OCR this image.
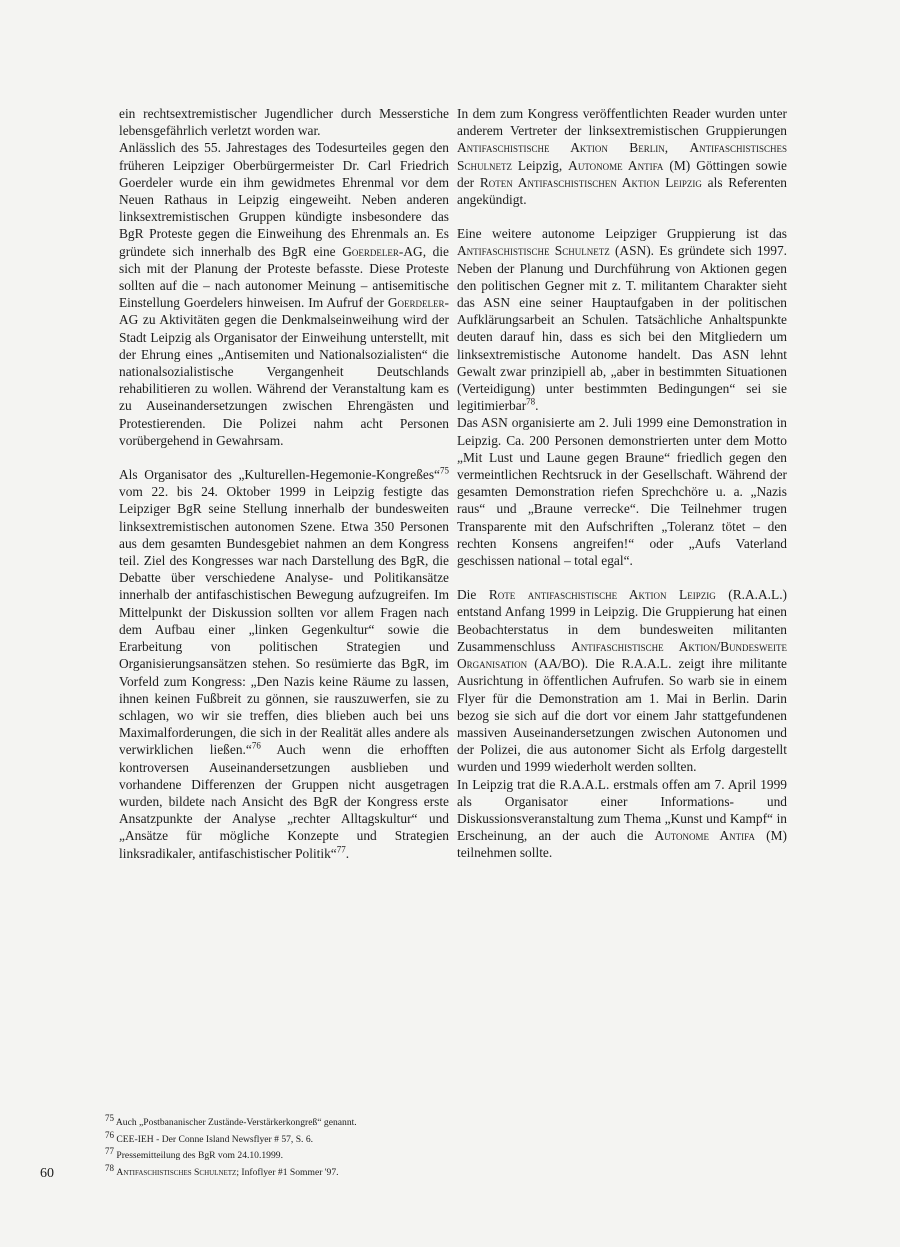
ein rechtsextremistischer Jugendlicher durch Messerstiche lebensgefährlich verletzt worden war.

Anlässlich des 55. Jahrestages des Todesurteiles gegen den früheren Leipziger Oberbürgermeister Dr. Carl Friedrich Goerdeler wurde ein ihm gewidmetes Ehrenmal vor dem Neuen Rathaus in Leipzig eingeweiht. Neben anderen linksextremistischen Gruppen kündigte insbesondere das BgR Proteste gegen die Einweihung des Ehrenmals an. Es gründete sich innerhalb des BgR eine Goerdeler-AG, die sich mit der Planung der Proteste befasste. Diese Proteste sollten auf die – nach autonomer Meinung – antisemitische Einstellung Goerdelers hinweisen. Im Aufruf der Goerdeler-AG zu Aktivitäten gegen die Denkmalseinweihung wird der Stadt Leipzig als Organisator der Einweihung unterstellt, mit der Ehrung eines „Antisemiten und Nationalsozialisten“ die nationalsozialistische Vergangenheit Deutschlands rehabilitieren zu wollen. Während der Veranstaltung kam es zu Auseinandersetzungen zwischen Ehrengästen und Protestierenden. Die Polizei nahm acht Personen vorübergehend in Gewahrsam.

Als Organisator des „Kulturellen-Hegemonie-Kongreßes“$^{75}$ vom 22. bis 24. Oktober 1999 in Leipzig festigte das Leipziger BgR seine Stellung innerhalb der bundesweiten linksextremistischen autonomen Szene. Etwa 350 Personen aus dem gesamten Bundesgebiet nahmen an dem Kongress teil. Ziel des Kongresses war nach Darstellung des BgR, die Debatte über verschiedene Analyse- und Politikansätze innerhalb der antifaschistischen Bewegung aufzugreifen. Im Mittelpunkt der Diskussion sollten vor allem Fragen nach dem Aufbau einer „linken Gegenkultur“ sowie die Erarbeitung von politischen Strategien und Organisierungsansätzen stehen. So resümierte das BgR, im Vorfeld zum Kongress: „Den Nazis keine Räume zu lassen, ihnen keinen Fußbreit zu gönnen, sie rauszuwerfen, sie zu schlagen, wo wir sie treffen, dies blieben auch bei uns Maximalforderungen, die sich in der Realität alles andere als verwirklichen ließen.“$^{76}$ Auch wenn die erhofften kontroversen Auseinandersetzungen ausblieben und vorhandene Differenzen der Gruppen nicht ausgetragen wurden, bildete nach Ansicht des BgR der Kongress erste Ansatzpunkte der Analyse „rechter Alltagskultur“ und „Ansätze für mögliche Konzepte und Strategien linksradikaler, antifaschistischer Politik“$^{77}$.

In dem zum Kongress veröffentlichten Reader wurden unter anderem Vertreter der linksextremistischen Gruppierungen Antifaschistische Aktion Berlin, Antifaschistisches Schulnetz Leipzig, Autonome Antifa (M) Göttingen sowie der Roten Antifaschistischen Aktion Leipzig als Referenten angekündigt.

Eine weitere autonome Leipziger Gruppierung ist das Antifaschistische Schulnetz (ASN). Es gründete sich 1997. Neben der Planung und Durchführung von Aktionen gegen den politischen Gegner mit z. T. militantem Charakter sieht das ASN eine seiner Hauptaufgaben in der politischen Aufklärungsarbeit an Schulen. Tatsächliche Anhaltspunkte deuten darauf hin, dass es sich bei den Mitgliedern um linksextremistische Autonome handelt. Das ASN lehnt Gewalt zwar prinzipiell ab, „aber in bestimmten Situationen (Verteidigung) unter bestimmten Bedingungen“ sei sie legitimierbar$^{78}$.

Das ASN organisierte am 2. Juli 1999 eine Demonstration in Leipzig. Ca. 200 Personen demonstrierten unter dem Motto „Mit Lust und Laune gegen Braune“ friedlich gegen den vermeintlichen Rechtsruck in der Gesellschaft. Während der gesamten Demonstration riefen Sprechchöre u. a. „Nazis raus“ und „Braune verrecke“. Die Teilnehmer trugen Transparente mit den Aufschriften „Toleranz tötet – den rechten Konsens angreifen!“ oder „Aufs Vaterland geschissen national – total egal“.

Die Rote antifaschistische Aktion Leipzig (R.A.A.L.) entstand Anfang 1999 in Leipzig. Die Gruppierung hat einen Beobachterstatus in dem bundesweiten militanten Zusammenschluss Antifaschistische Aktion/Bundesweite Organisation (AA/BO). Die R.A.A.L. zeigt ihre militante Ausrichtung in öffentlichen Aufrufen. So warb sie in einem Flyer für die Demonstration am 1. Mai in Berlin. Darin bezog sie sich auf die dort vor einem Jahr stattgefundenen massiven Auseinandersetzungen zwischen Autonomen und der Polizei, die aus autonomer Sicht als Erfolg dargestellt wurden und 1999 wiederholt werden sollten.

In Leipzig trat die R.A.A.L. erstmals offen am 7. April 1999 als Organisator einer Informations- und Diskussionsveranstaltung zum Thema „Kunst und Kampf“ in Erscheinung, an der auch die Autonome Antifa (M) teilnehmen sollte.

$^{75}$ Auch „Postbananischer Zustände-Verstärkerkongreß“ genannt.
$^{76}$ CEE-IEH - Der Conne Island Newsflyer # 57, S. 6.
$^{77}$ Pressemitteilung des BgR vom 24.10.1999.
$^{78}$ Antifaschistisches Schulnetz; Infoflyer #1 Sommer '97.
60
